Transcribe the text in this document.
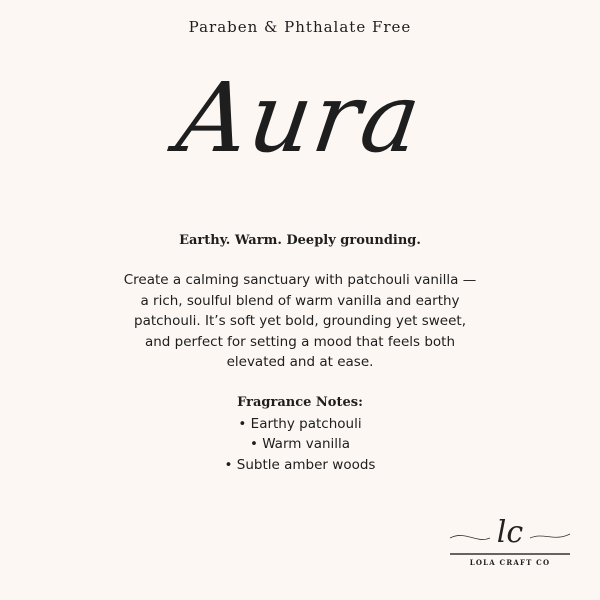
Paraben & Phthalate Free
Aura
Earthy. Warm. Deeply grounding.
Create a calming sanctuary with patchouli vanilla — a rich, soulful blend of warm vanilla and earthy patchouli. It’s soft yet bold, grounding yet sweet, and perfect for setting a mood that feels both elevated and at ease.
Fragrance Notes:
• Earthy patchouli
• Warm vanilla
• Subtle amber woods
lc
LOLA CRAFT CO
